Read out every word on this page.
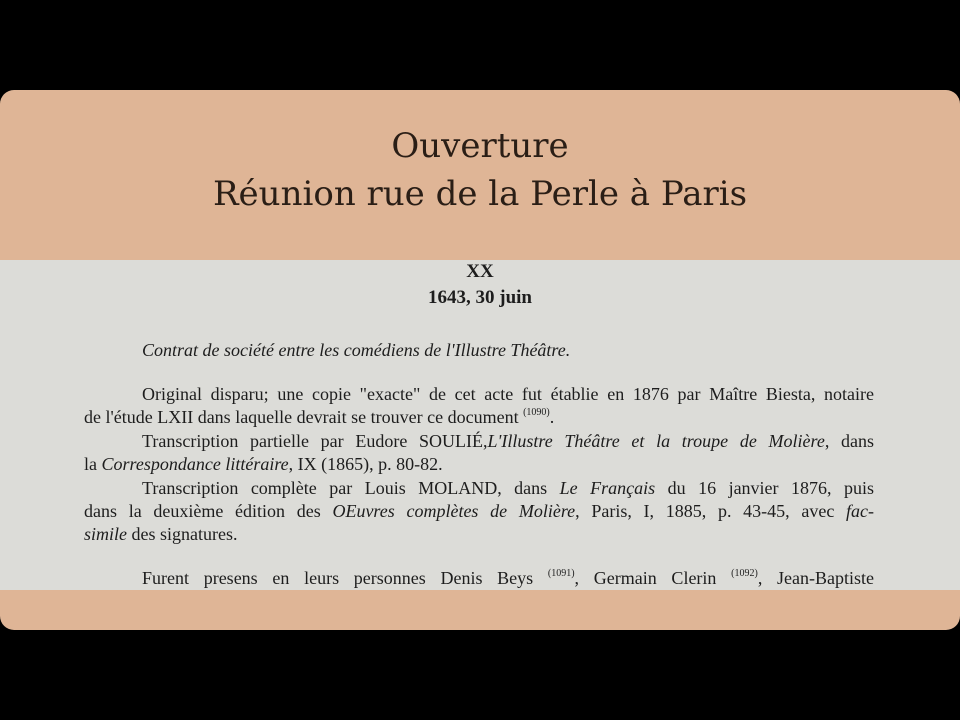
Ouverture
Réunion rue de la Perle à Paris
XX
1643, 30 juin
Contrat de société entre les comédiens de l'Illustre Théâtre.
Original disparu; une copie "exacte" de cet acte fut établie en 1876 par Maître Biesta, notaire
de l'étude LXII dans laquelle devrait se trouver ce document $^{(1090)}$.
Transcription partielle par Eudore SOULIÉ,L'Illustre Théâtre et la troupe de Molière, dans
la Correspondance littéraire, IX (1865), p. 80-82.
Transcription complète par Louis MOLAND, dans Le Français du 16 janvier 1876, puis
dans la deuxième édition des OEuvres complètes de Molière, Paris, I, 1885, p. 43-45, avec fac-
simile des signatures.
Furent presens en leurs personnes Denis Beys $^{(1091)}$, Germain Clerin $^{(1092)}$, Jean-Baptiste
